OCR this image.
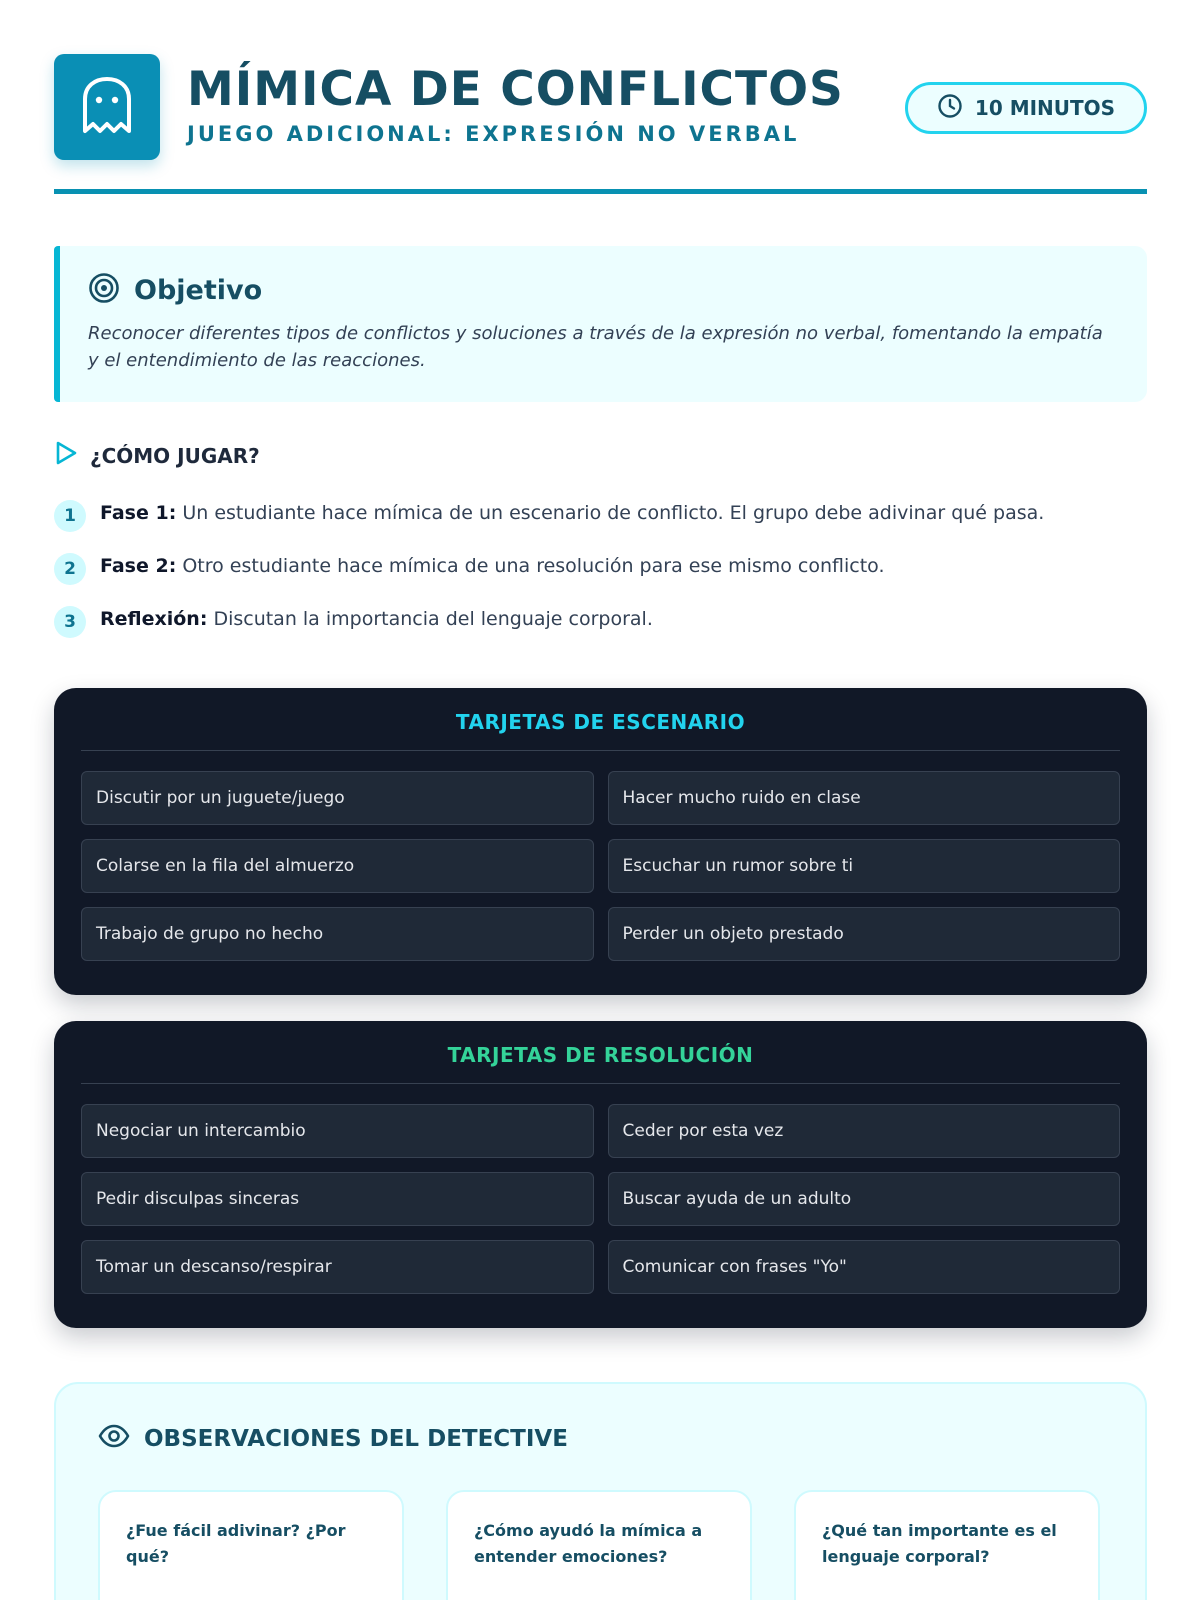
MÍMICA DE CONFLICTOS
JUEGO ADICIONAL: EXPRESIÓN NO VERBAL
10 MINUTOS
Objetivo
Reconocer diferentes tipos de conflictos y soluciones a través de la expresión no verbal, fomentando la empatía y el entendimiento de las reacciones.
¿CÓMO JUGAR?
1	Fase 1: Un estudiante hace mímica de un escenario de conflicto. El grupo debe adivinar qué pasa.
2	Fase 2: Otro estudiante hace mímica de una resolución para ese mismo conflicto.
3	Reflexión: Discutan la importancia del lenguaje corporal.
TARJETAS DE ESCENARIO
Discutir por un juguete/juego	Hacer mucho ruido en clase
Colarse en la fila del almuerzo	Escuchar un rumor sobre ti
Trabajo de grupo no hecho	Perder un objeto prestado
TARJETAS DE RESOLUCIÓN
Negociar un intercambio	Ceder por esta vez
Pedir disculpas sinceras	Buscar ayuda de un adulto
Tomar un descanso/respirar	Comunicar con frases "Yo"
OBSERVACIONES DEL DETECTIVE
¿Fue fácil adivinar? ¿Por qué?
¿Cómo ayudó la mímica a entender emociones?
¿Qué tan importante es el lenguaje corporal?
